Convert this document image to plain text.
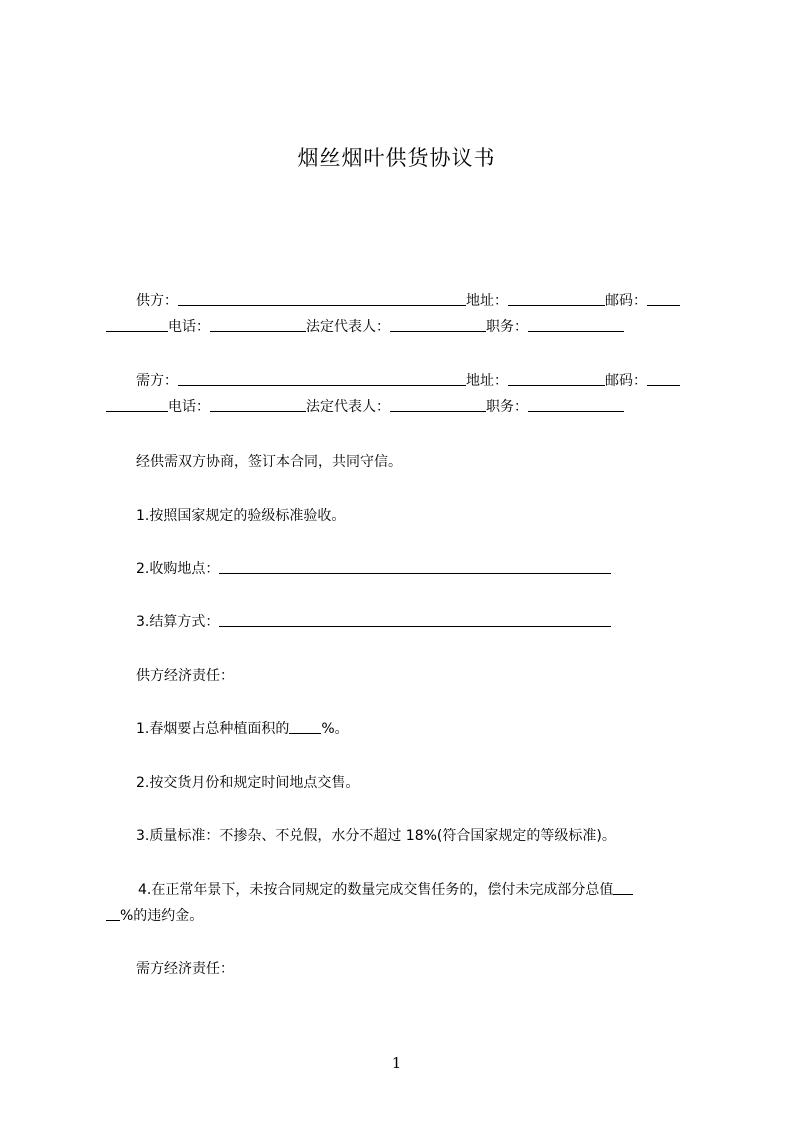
烟丝烟叶供货协议书
供方：	地址：	邮码：
电话：	法定代表人：	职务：
需方：	地址：	邮码：
电话：	法定代表人：	职务：
经供需双方协商，签订本合同，共同守信。
1.按照国家规定的验级标准验收。
2.收购地点：
3.结算方式：
供方经济责任：
1.春烟要占总种植面积的 %。
2.按交货月份和规定时间地点交售。
3.质量标准：不掺杂、不兑假，水分不超过 18%(符合国家规定的等级标准)。
4.在正常年景下，未按合同规定的数量完成交售任务的，偿付未完成部分总值
%的违约金。
需方经济责任：
1
